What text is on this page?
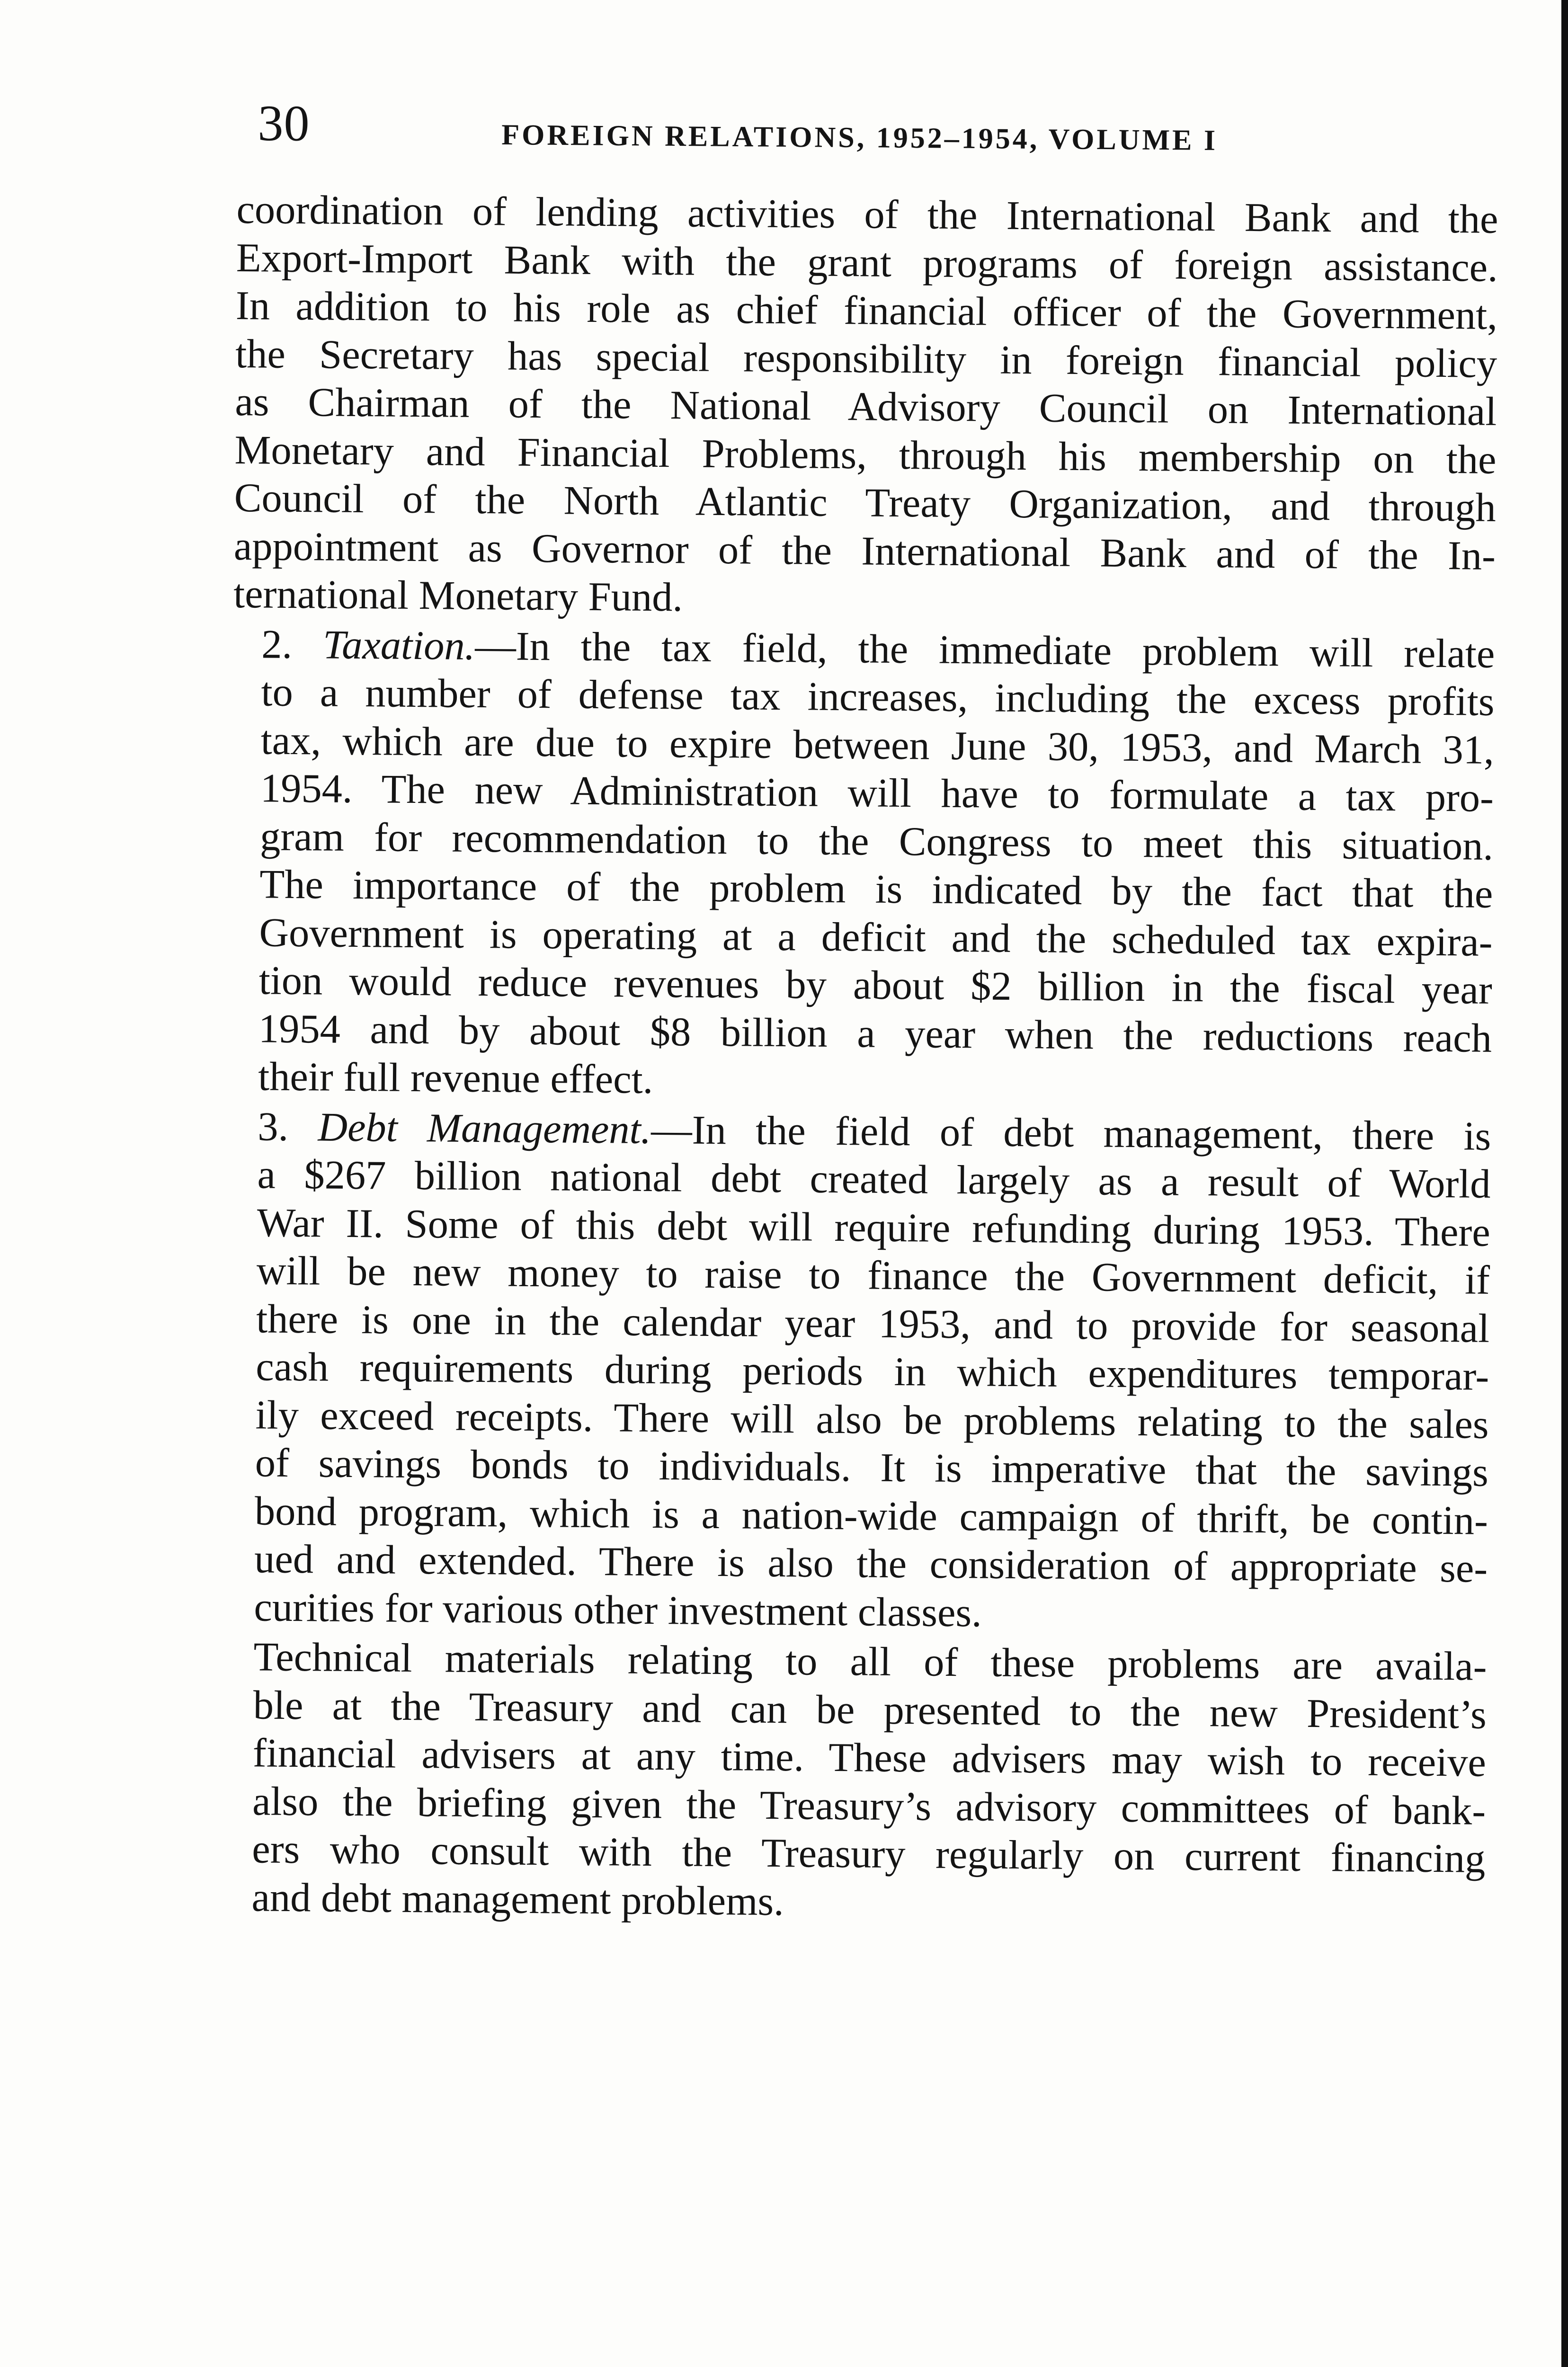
30	FOREIGN RELATIONS, 1952–1954, VOLUME I

coordination of lending activities of the International Bank and the
Export-Import Bank with the grant programs of foreign assistance.
In addition to his role as chief financial officer of the Government,
the Secretary has special responsibility in foreign financial policy
as Chairman of the National Advisory Council on International
Monetary and Financial Problems, through his membership on the
Council of the North Atlantic Treaty Organization, and through
appointment as Governor of the International Bank and of the In-
ternational Monetary Fund.

2. Taxation.—In the tax field, the immediate problem will relate
to a number of defense tax increases, including the excess profits
tax, which are due to expire between June 30, 1953, and March 31,
1954. The new Administration will have to formulate a tax pro-
gram for recommendation to the Congress to meet this situation.
The importance of the problem is indicated by the fact that the
Government is operating at a deficit and the scheduled tax expira-
tion would reduce revenues by about $2 billion in the fiscal year
1954 and by about $8 billion a year when the reductions reach
their full revenue effect.

3. Debt Management.—In the field of debt management, there is
a $267 billion national debt created largely as a result of World
War II. Some of this debt will require refunding during 1953. There
will be new money to raise to finance the Government deficit, if
there is one in the calendar year 1953, and to provide for seasonal
cash requirements during periods in which expenditures temporar-
ily exceed receipts. There will also be problems relating to the sales
of savings bonds to individuals. It is imperative that the savings
bond program, which is a nation-wide campaign of thrift, be contin-
ued and extended. There is also the consideration of appropriate se-
curities for various other investment classes.

Technical materials relating to all of these problems are availa-
ble at the Treasury and can be presented to the new President’s
financial advisers at any time. These advisers may wish to receive
also the briefing given the Treasury’s advisory committees of bank-
ers who consult with the Treasury regularly on current financing
and debt management problems.
